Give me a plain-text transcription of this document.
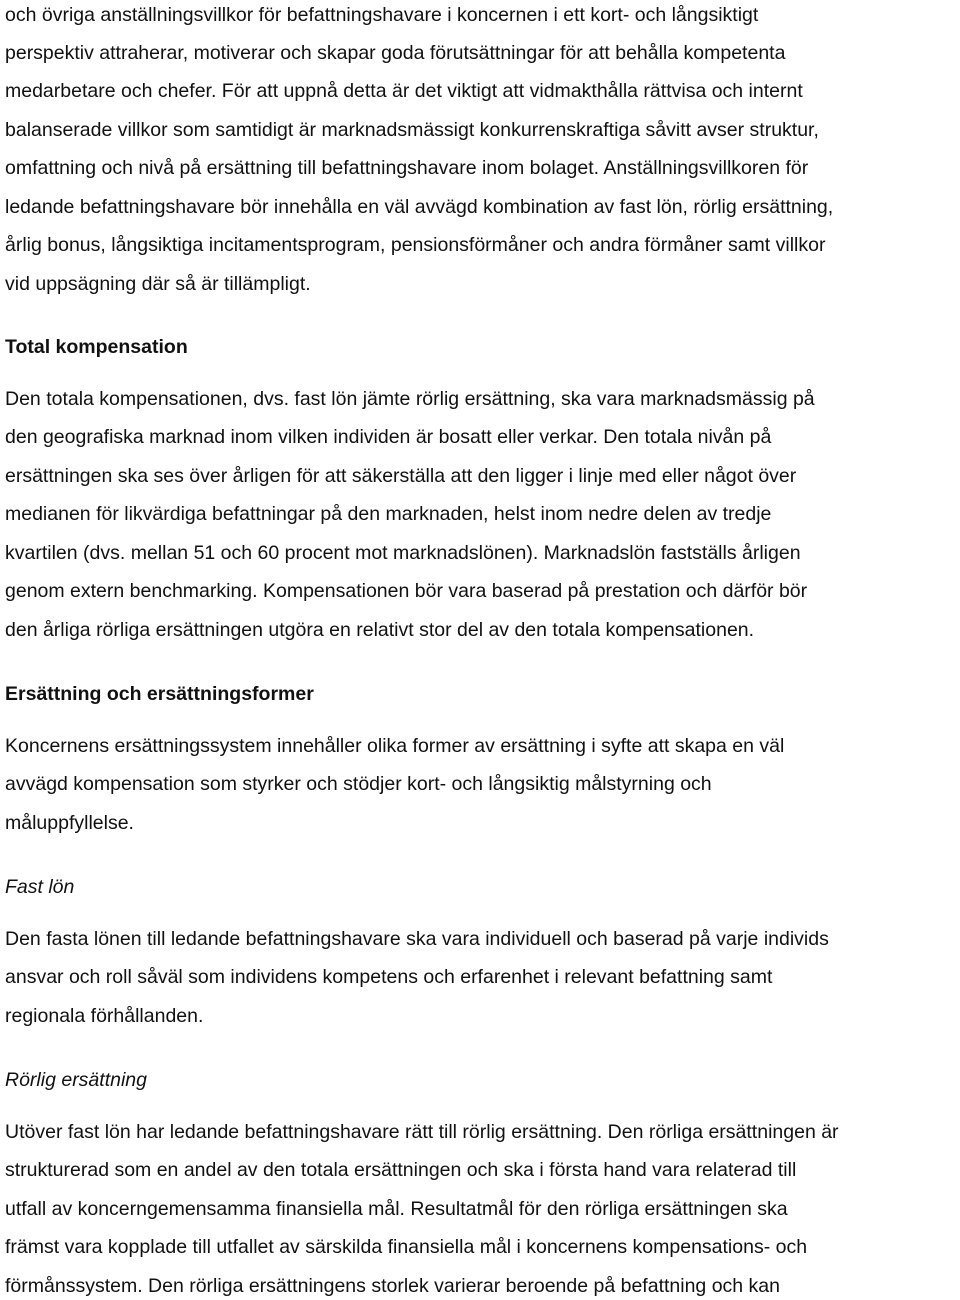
och övriga anställningsvillkor för befattningshavare i koncernen i ett kort- och långsiktigt
perspektiv attraherar, motiverar och skapar goda förutsättningar för att behålla kompetenta
medarbetare och chefer. För att uppnå detta är det viktigt att vidmakthålla rättvisa och internt
balanserade villkor som samtidigt är marknadsmässigt konkurrenskraftiga såvitt avser struktur,
omfattning och nivå på ersättning till befattningshavare inom bolaget. Anställningsvillkoren för
ledande befattningshavare bör innehålla en väl avvägd kombination av fast lön, rörlig ersättning,
årlig bonus, långsiktiga incitamentsprogram, pensionsförmåner och andra förmåner samt villkor
vid uppsägning där så är tillämpligt.
Total kompensation
Den totala kompensationen, dvs. fast lön jämte rörlig ersättning, ska vara marknadsmässig på
den geografiska marknad inom vilken individen är bosatt eller verkar. Den totala nivån på
ersättningen ska ses över årligen för att säkerställa att den ligger i linje med eller något över
medianen för likvärdiga befattningar på den marknaden, helst inom nedre delen av tredje
kvartilen (dvs. mellan 51 och 60 procent mot marknadslönen). Marknadslön fastställs årligen
genom extern benchmarking. Kompensationen bör vara baserad på prestation och därför bör
den årliga rörliga ersättningen utgöra en relativt stor del av den totala kompensationen.
Ersättning och ersättningsformer
Koncernens ersättningssystem innehåller olika former av ersättning i syfte att skapa en väl
avvägd kompensation som styrker och stödjer kort- och långsiktig målstyrning och
måluppfyllelse.
Fast lön
Den fasta lönen till ledande befattningshavare ska vara individuell och baserad på varje individs
ansvar och roll såväl som individens kompetens och erfarenhet i relevant befattning samt
regionala förhållanden.
Rörlig ersättning
Utöver fast lön har ledande befattningshavare rätt till rörlig ersättning. Den rörliga ersättningen är
strukturerad som en andel av den totala ersättningen och ska i första hand vara relaterad till
utfall av koncerngemensamma finansiella mål. Resultatmål för den rörliga ersättningen ska
främst vara kopplade till utfallet av särskilda finansiella mål i koncernens kompensations- och
förmånssystem. Den rörliga ersättningens storlek varierar beroende på befattning och kan
